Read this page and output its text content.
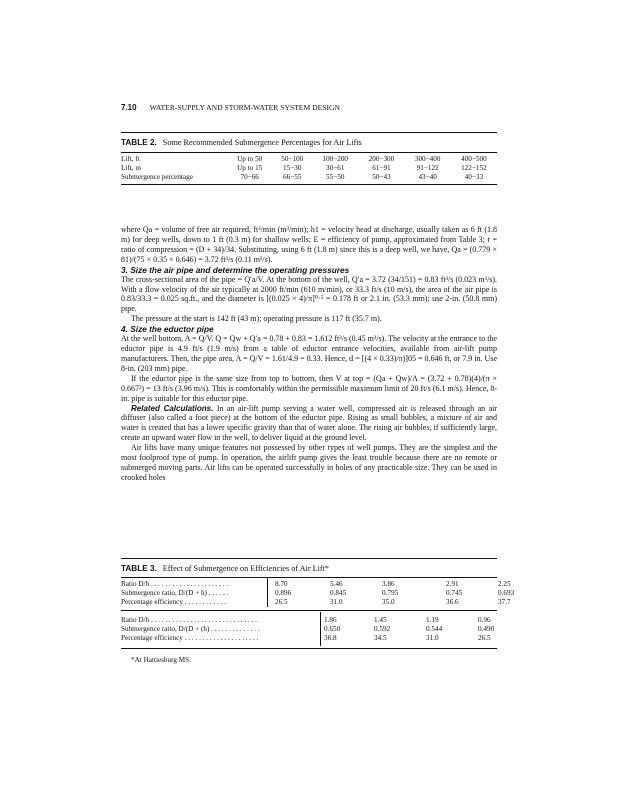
7.10 WATER-SUPPLY AND STORM-WATER SYSTEM DESIGN
TABLE 2. Some Recommended Submergence Percentages for Air Lifts
Lift, ft	Up to 50	50−100	100−200	200−300	300−400	400−500
Lift, m	Up to 15	15−30	30−61	61−91	91−122	122−152
Submergence percentage	70−66	66−55	55−50	50−43	43−40	40−33

where Qa = volume of free air required, ft³/min (m³/min); h1 = velocity head at discharge, usually taken as 6 ft (1.8 m) for deep wells, down to 1 ft (0.3 m) for shallow wells; E = efficiency of pump, approximated from Table 3; r = ratio of compression = (D + 34)/34. Substituting, using 6 ft (1.8 m) since this is a deep well, we have, Qa = (0.779 × 81)/(75 × 0.35 × 0.646) = 3.72 ft³/s (0.11 m³/s).

3. Size the air pipe and determine the operating pressures

The cross-sectional area of the pipe = Q′a/V. At the bottom of the well, Q′a = 3.72 (34/151) = 0.83 ft³/s (0.023 m³/s). With a flow velocity of the air typically at 2000 ft/min (610 m/min), or 33.3 ft/s (10 m/s), the area of the air pipe is 0.83/33.3 = 0.025 sq.ft., and the diameter is [(0.025 × 4)/π]⁰·⁵ = 0.178 ft or 2.1 in. (53.3 mm); use 2-in. (50.8 mm) pipe.

The pressure at the start is 142 ft (43 m); operating pressure is 117 ft (35.7 m).

4. Size the eductor pipe

At the well bottom, A = Q/V. Q = Qw + Q′a = 0.78 + 0.83 = 1.612 ft³/s (0.45 m³/s). The velocity at the entrance to the eductor pipe is 4.9 ft/s (1.9 m/s) from a table of eductor entrance velocities, available from air-lift pump manufacturers. Then, the pipe area, A = Q/V = 1.61/4.9 = 0.33. Hence, d = [(4 × 0.33)/π)]05 = 0.646 ft, or 7.9 in. Use 8-in. (203 mm) pipe.

If the eductor pipe is the same size from top to bottom, then V at top = (Qa + Qw)/A = (3.72 + 0.78)(4)/(π × 0.667²) = 13 ft/s (3.96 m/s). This is comfortably within the permissible maximum limit of 20 ft/s (6.1 m/s). Hence, 8-in. pipe is suitable for this eductor pipe.

Related Calculations. In an air-lift pump serving a water well, compressed air is released through an air diffuser (also called a foot piece) at the bottom of the eductor pipe. Rising as small bubbles, a mixture of air and water is created that has a lower specific gravity than that of water alone. The rising air bubbles, if sufficiently large, create an upward water flow in the well, to deliver liquid at the ground level.

Air lifts have many unique features not possessed by other types of well pumps. They are the simplest and the most foolproof type of pump. In operation, the airlift pump gives the least trouble because there are no remote or submerged moving parts. Air lifts can be operated successfully in holes of any practicable size. They can be used in crooked holes

TABLE 3. Effect of Submergence on Efficiencies of Air Lift*
Ratio D/h . . . . . . . . . . . . . . . . . . . . . .	8.70	5.46	3.86	2.91	2.25
Submergence ratio, D/(D + h) . . . . . .	0.896	0.845	0.795	0.745	0.693
Percentage efficiency . . . . . . . . . . . .	26.5	31.0	35.0	36.6	37.7
Ratio D/h . . . . . . . . . . . . . . . . . . . . . . . . . . . . . .	1.86	1.45	1.19	0.96
Submergence ratio, D/(D + (h) . . . . . . . . . . . . . .	0.650	0.592	0.544	0.490
Percentage efficiency . . . . . . . . . . . . . . . . . . . . .	36.8	34.5	31.0	26.5
*At Hattiesburg MS.
